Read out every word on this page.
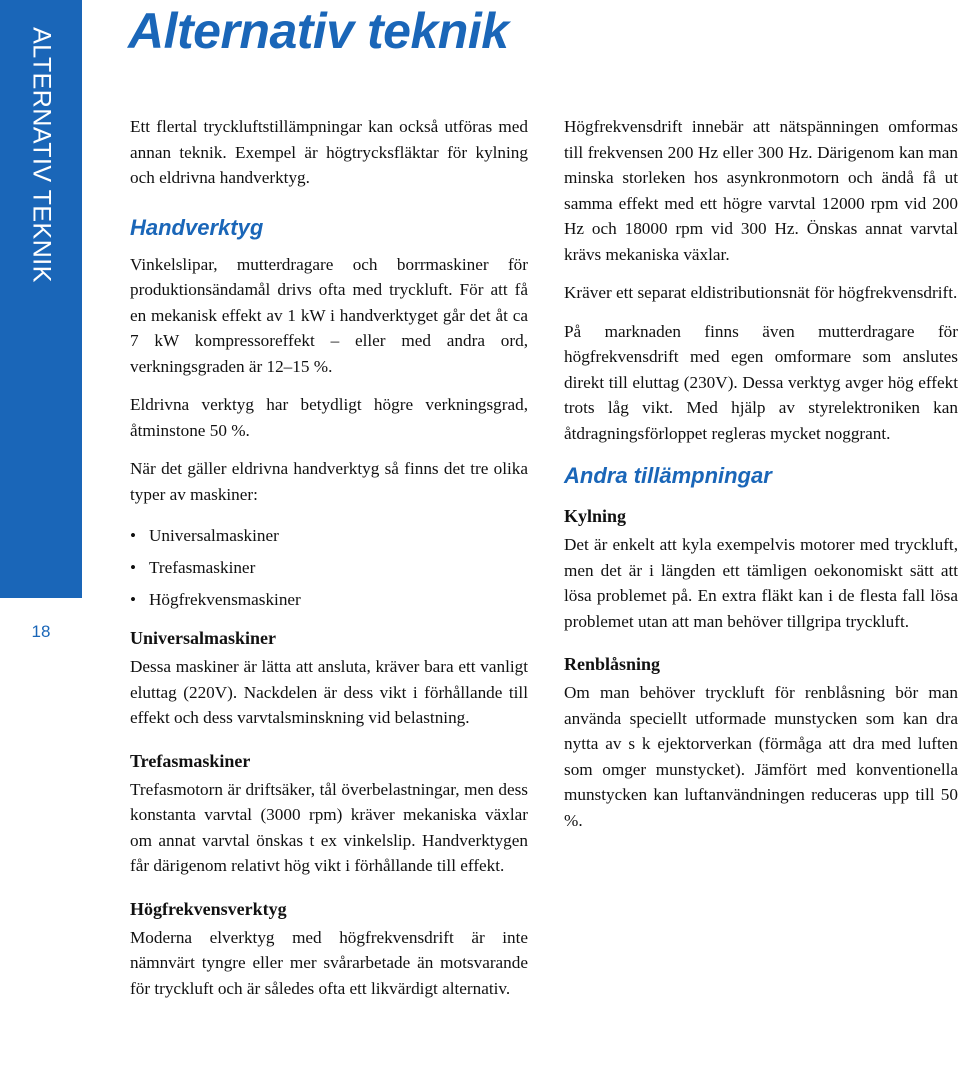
ALTERNATIV TEKNIK
18
Alternativ teknik

Ett flertal tryckluftstillämpningar kan också utföras med annan teknik. Exempel är högtrycksfläktar för kylning och eldrivna handverktyg.

Handverktyg

Vinkelslipar, mutterdragare och borrmaskiner för produktionsändamål drivs ofta med tryckluft. För att få en mekanisk effekt av 1 kW i handverktyget går det åt ca 7 kW kompressoreffekt – eller med andra ord, verkningsgraden är 12–15 %.

Eldrivna verktyg har betydligt högre verkningsgrad, åtminstone 50 %.

När det gäller eldrivna handverktyg så finns det tre olika typer av maskiner:

• Universalmaskiner
• Trefasmaskiner
• Högfrekvensmaskiner
Universalmaskiner

Dessa maskiner är lätta att ansluta, kräver bara ett vanligt eluttag (220V). Nackdelen är dess vikt i förhållande till effekt och dess varvtalsminskning vid belastning.

Trefasmaskiner

Trefasmotorn är driftsäker, tål överbelastningar, men dess konstanta varvtal (3000 rpm) kräver mekaniska växlar om annat varvtal önskas t ex vinkelslip. Handverktygen får därigenom relativt hög vikt i förhållande till effekt.

Högfrekvensverktyg

Moderna elverktyg med högfrekvensdrift är inte nämnvärt tyngre eller mer svårarbetade än motsvarande för tryckluft och är således ofta ett likvärdigt alternativ.

Högfrekvensdrift innebär att nätspänningen omformas till frekvensen 200 Hz eller 300 Hz. Därigenom kan man minska storleken hos asynkronmotorn och ändå få ut samma effekt med ett högre varvtal 12000 rpm vid 200 Hz och 18000 rpm vid 300 Hz. Önskas annat varvtal krävs mekaniska växlar.

Kräver ett separat eldistributionsnät för högfrekvensdrift.

På marknaden finns även mutterdragare för högfrekvensdrift med egen omformare som anslutes direkt till eluttag (230V). Dessa verktyg avger hög effekt trots låg vikt. Med hjälp av styrelektroniken kan åtdragningsförloppet regleras mycket noggrant.

Andra tillämpningar
Kylning

Det är enkelt att kyla exempelvis motorer med tryckluft, men det är i längden ett tämligen oekonomiskt sätt att lösa problemet på. En extra fläkt kan i de flesta fall lösa problemet utan att man behöver tillgripa tryckluft.

Renblåsning

Om man behöver tryckluft för renblåsning bör man använda speciellt utformade munstycken som kan dra nytta av s k ejektorverkan (förmåga att dra med luften som omger munstycket). Jämfört med konventionella munstycken kan luftanvändningen reduceras upp till 50 %.
